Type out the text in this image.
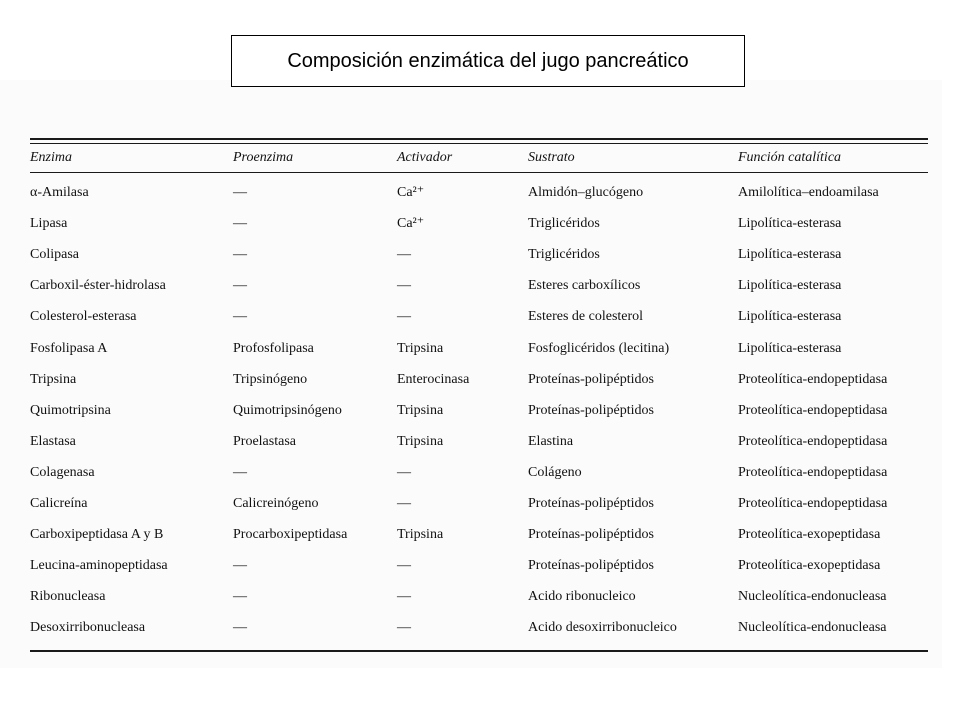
Composición enzimática del jugo pancreático
Enzima	Proenzima	Activador	Sustrato	Función catalítica
α-Amilasa	—	Ca²⁺	Almidón–glucógeno	Amilolítica–endoamilasa
Lipasa	—	Ca²⁺	Triglicéridos	Lipolítica-esterasa
Colipasa	—	—	Triglicéridos	Lipolítica-esterasa
Carboxil-éster-hidrolasa	—	—	Esteres carboxílicos	Lipolítica-esterasa
Colesterol-esterasa	—	—	Esteres de colesterol	Lipolítica-esterasa
Fosfolipasa A	Profosfolipasa	Tripsina	Fosfoglicéridos (lecitina)	Lipolítica-esterasa
Tripsina	Tripsinógeno	Enterocinasa	Proteínas-polipéptidos	Proteolítica-endopeptidasa
Quimotripsina	Quimotripsinógeno	Tripsina	Proteínas-polipéptidos	Proteolítica-endopeptidasa
Elastasa	Proelastasa	Tripsina	Elastina	Proteolítica-endopeptidasa
Colagenasa	—	—	Colágeno	Proteolítica-endopeptidasa
Calicreína	Calicreinógeno	—	Proteínas-polipéptidos	Proteolítica-endopeptidasa
Carboxipeptidasa A y B	Procarboxipeptidasa	Tripsina	Proteínas-polipéptidos	Proteolítica-exopeptidasa
Leucina-aminopeptidasa	—	—	Proteínas-polipéptidos	Proteolítica-exopeptidasa
Ribonucleasa	—	—	Acido ribonucleico	Nucleolítica-endonucleasa
Desoxirribonucleasa	—	—	Acido desoxirribonucleico	Nucleolítica-endonucleasa
